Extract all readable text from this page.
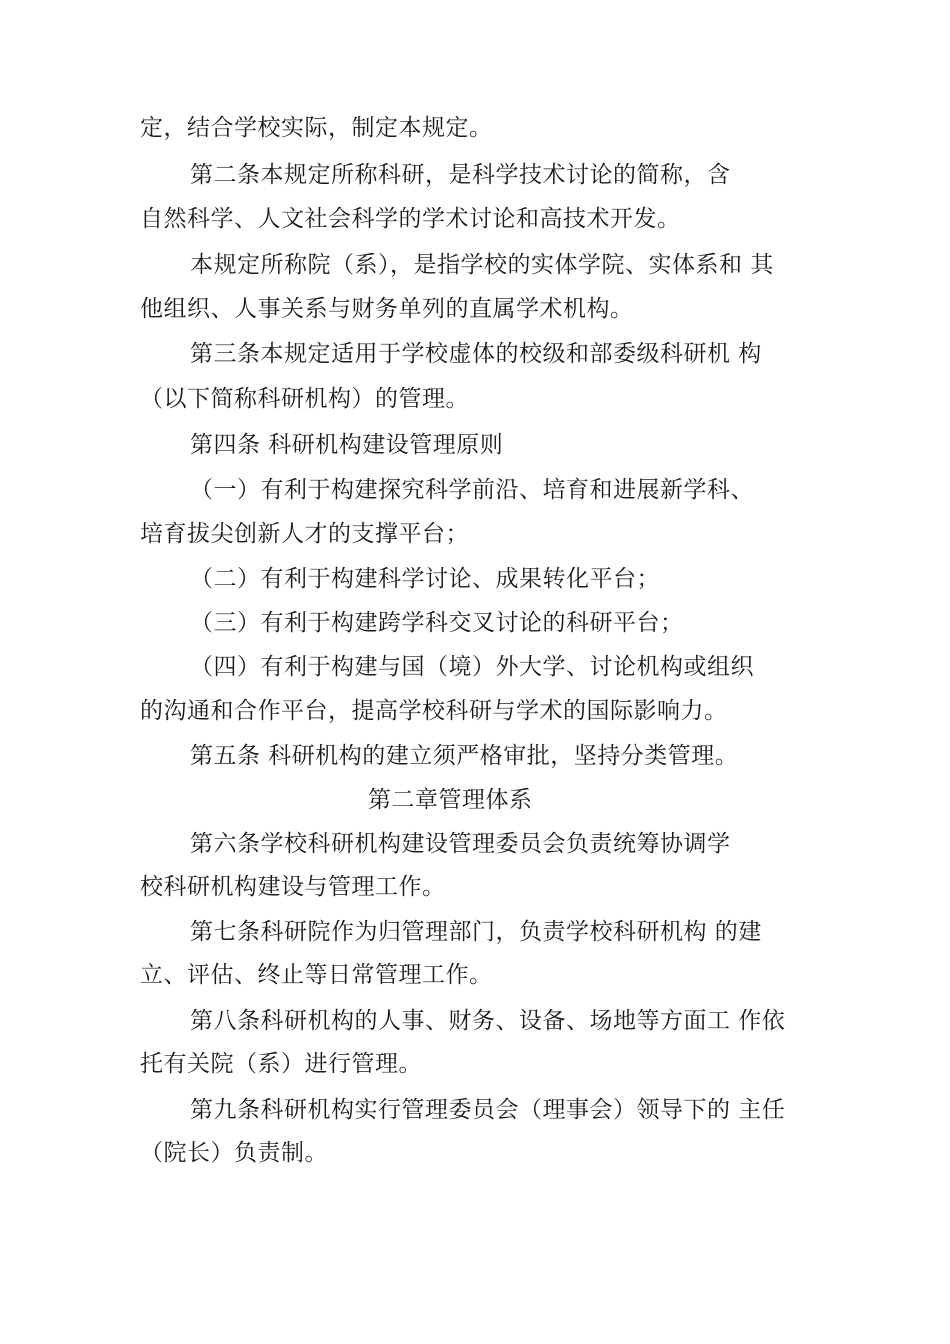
定，结合学校实际，制定本规定。
第二条本规定所称科研，是科学技术讨论的简称，含
自然科学、人文社会科学的学术讨论和高技术开发。
本规定所称院（系），是指学校的实体学院、实体系和 其
他组织、人事关系与财务单列的直属学术机构。
第三条本规定适用于学校虚体的校级和部委级科研机 构
（以下简称科研机构）的管理。
第四条 科研机构建设管理原则
（一）有利于构建探究科学前沿、培育和进展新学科、
培育拔尖创新人才的支撑平台；
（二）有利于构建科学讨论、成果转化平台；
（三）有利于构建跨学科交叉讨论的科研平台；
（四）有利于构建与国（境）外大学、讨论机构或组织
的沟通和合作平台，提高学校科研与学术的国际影响力。
第五条 科研机构的建立须严格审批，坚持分类管理。
第二章管理体系
第六条学校科研机构建设管理委员会负责统筹协调学
校科研机构建设与管理工作。
第七条科研院作为归管理部门，负责学校科研机构 的建
立、评估、终止等日常管理工作。
第八条科研机构的人事、财务、设备、场地等方面工 作依
托有关院（系）进行管理。
第九条科研机构实行管理委员会（理事会）领导下的 主任
（院长）负责制。
